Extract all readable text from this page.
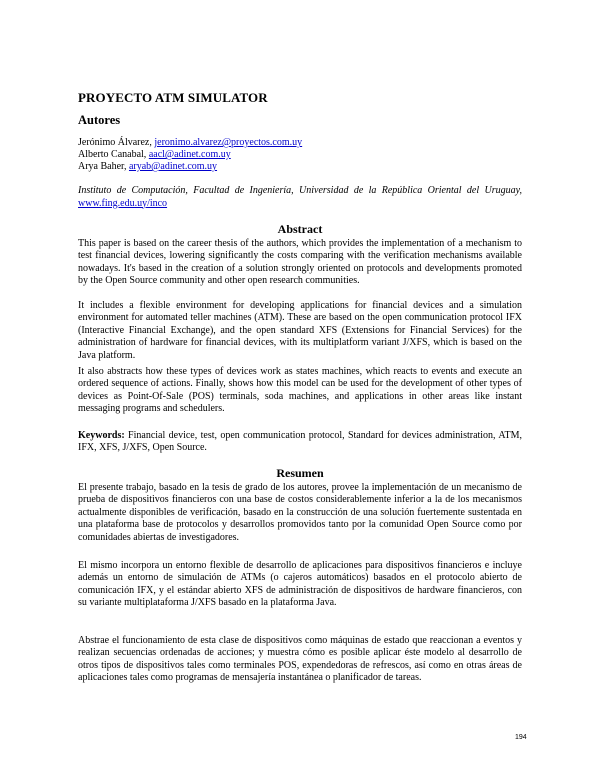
PROYECTO ATM SIMULATOR
Autores
Jerónimo Álvarez, jeronimo.alvarez@proyectos.com.uy
Alberto Canabal, aacl@adinet.com.uy
Arya Baher, aryab@adinet.com.uy
Instituto de Computación, Facultad de Ingeniería, Universidad de la República Oriental del Uruguay, www.fing.edu.uy/inco
Abstract

This paper is based on the career thesis of the authors, which provides the implementation of a mechanism to test financial devices, lowering significantly the costs comparing with the verification mechanisms available nowadays. It's based in the creation of a solution strongly oriented on protocols and developments promoted by the Open Source community and other open research communities.

It includes a flexible environment for developing applications for financial devices and a simulation environment for automated teller machines (ATM). These are based on the open communication protocol IFX (Interactive Financial Exchange), and the open standard XFS (Extensions for Financial Services) for the administration of hardware for financial devices, with its multiplatform variant J/XFS, which is based on the Java platform.

It also abstracts how these types of devices work as states machines, which reacts to events and execute an ordered sequence of actions. Finally, shows how this model can be used for the development of other types of devices as Point-Of-Sale (POS) terminals, soda machines, and applications in other areas like instant messaging programs and schedulers.

Keywords: Financial device, test, open communication protocol, Standard for devices administration, ATM, IFX, XFS, J/XFS, Open Source.

Resumen

El presente trabajo, basado en la tesis de grado de los autores, provee la implementación de un mecanismo de prueba de dispositivos financieros con una base de costos considerablemente inferior a la de los mecanismos actualmente disponibles de verificación, basado en la construcción de una solución fuertemente sustentada en una plataforma base de protocolos y desarrollos promovidos tanto por la comunidad Open Source como por comunidades abiertas de investigadores.

El mismo incorpora un entorno flexible de desarrollo de aplicaciones para dispositivos financieros e incluye además un entorno de simulación de ATMs (o cajeros automáticos) basados en el protocolo abierto de comunicación IFX, y el estándar abierto XFS de administración de dispositivos de hardware financieros, con su variante multiplataforma J/XFS basado en la plataforma Java.

Abstrae el funcionamiento de esta clase de dispositivos como máquinas de estado que reaccionan a eventos y realizan secuencias ordenadas de acciones; y muestra cómo es posible aplicar éste modelo al desarrollo de otros tipos de dispositivos tales como terminales POS, expendedoras de refrescos, así como en otras áreas de aplicaciones tales como programas de mensajería instantánea o planificador de tareas.

194
